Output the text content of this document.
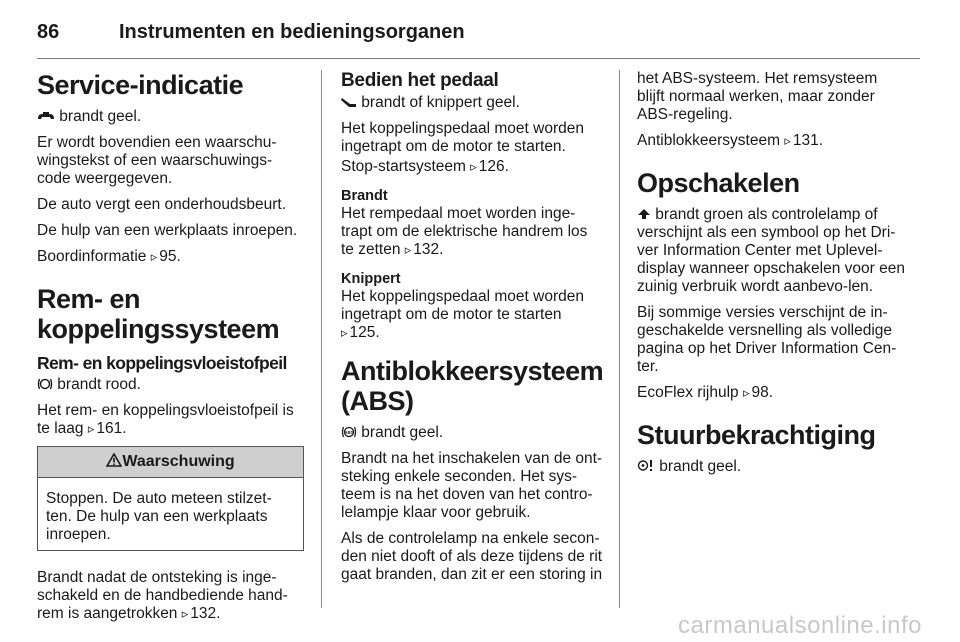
86	Instrumenten en bedieningsorganen
Service-indicatie

brandt geel.

Er wordt bovendien een waarschu-wingstekst of een waarschuwings-code weergegeven.

De auto vergt een onderhoudsbeurt.

De hulp van een werkplaats inroepen.

Boordinformatie ▹ 95.

Rem- en koppelingssysteem
Rem- en koppelingsvloeistofpeil

brandt rood.

Het rem- en koppelingsvloeistofpeil is te laag ▹ 161.

Waarschuwing
Stoppen. De auto meteen stilzet-ten. De hulp van een werkplaats inroepen.

Brandt nadat de ontsteking is inge-schakeld en de handbediende hand-rem is aangetrokken ▹ 132.

Bedien het pedaal

brandt of knippert geel.

Het koppelingspedaal moet worden ingetrapt om de motor te starten.

Stop-startsysteem ▹ 126.

Brandt

Het rempedaal moet worden inge-trapt om de elektrische handrem los te zetten ▹ 132.

Knippert

Het koppelingspedaal moet worden ingetrapt om de motor te starten
▹ 125.

Antiblokkeersysteem (ABS)

ABS brandt geel.

Brandt na het inschakelen van de ont-steking enkele seconden. Het sys-teem is na het doven van het contro-lelampje klaar voor gebruik.

Als de controlelamp na enkele secon-den niet dooft of als deze tijdens de rit gaat branden, dan zit er een storing in

het ABS-systeem. Het remsysteem blijft normaal werken, maar zonder ABS-regeling.

Antiblokkeersysteem ▹ 131.

Opschakelen

brandt groen als controlelamp of verschijnt als een symbool op het Dri-ver Information Center met Uplevel-display wanneer opschakelen voor een zuinig verbruik wordt aanbevo-len.

Bij sommige versies verschijnt de in-geschakelde versnelling als volledige pagina op het Driver Information Cen-ter.

EcoFlex rijhulp ▹ 98.

Stuurbekrachtiging

brandt geel.

carmanualsonline.info
